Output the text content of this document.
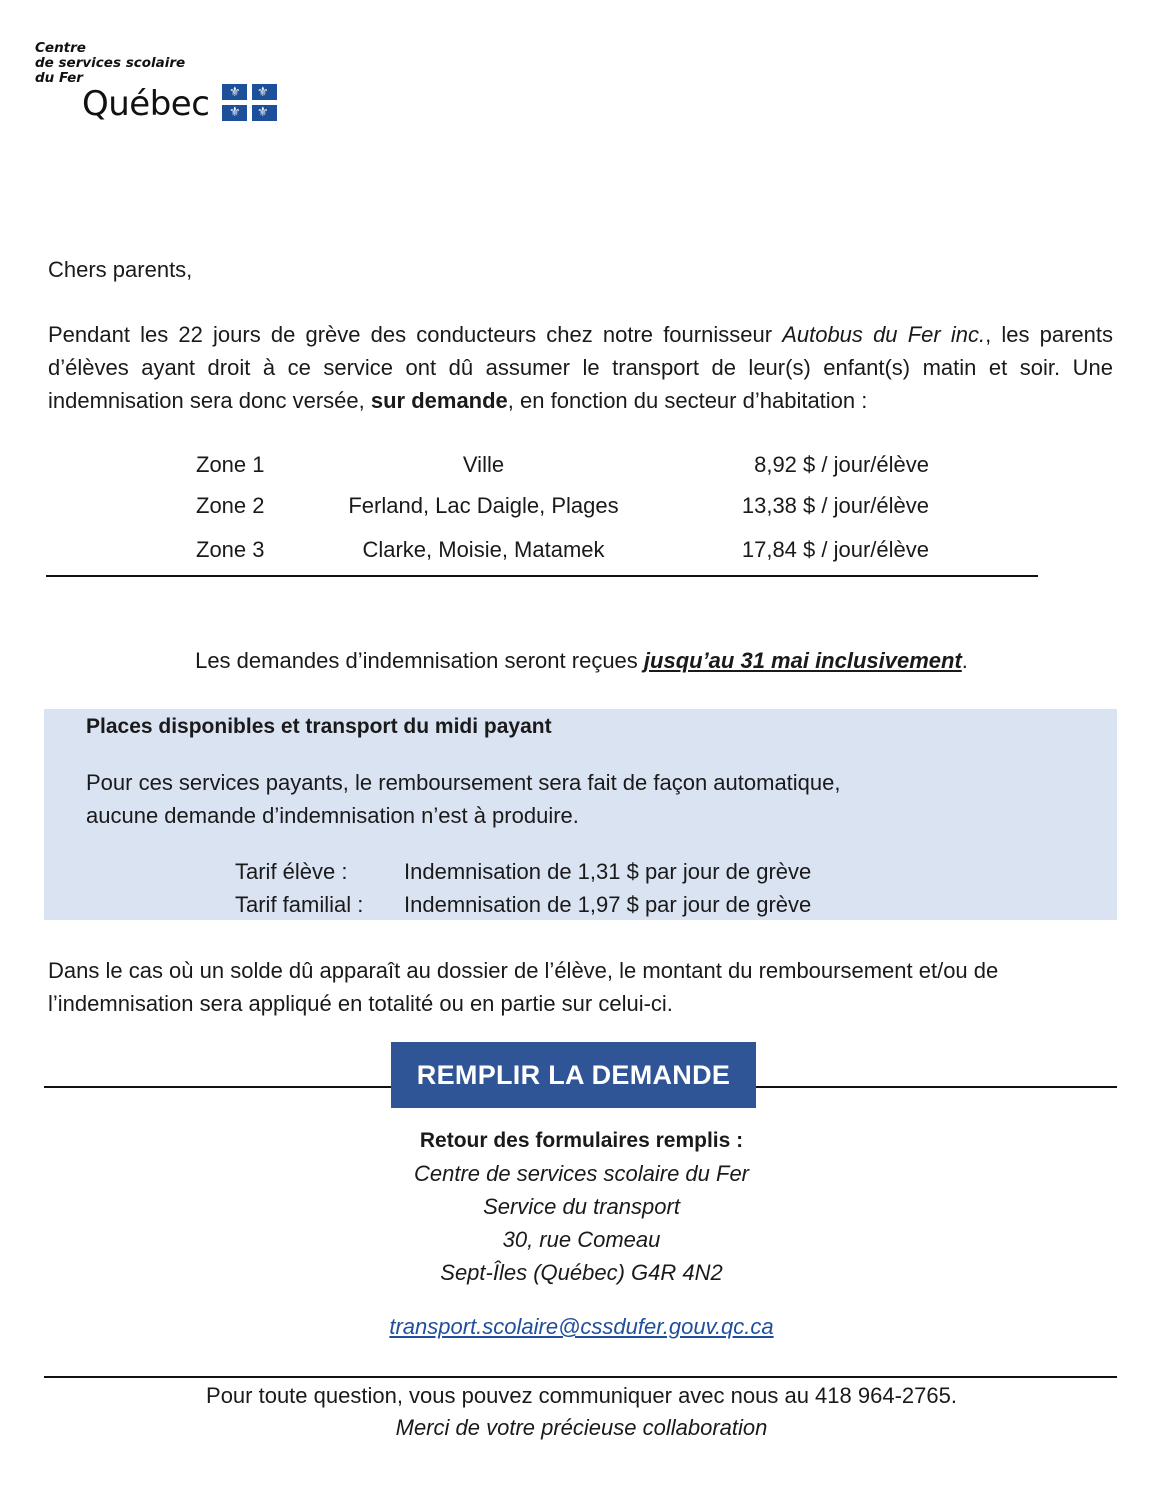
Centre
de services scolaire
du Fer
Québec ⚜ ⚜
⚜ ⚜
Chers parents,
Pendant les 22 jours de grève des conducteurs chez notre fournisseur Autobus du Fer inc., les parents d’élèves ayant droit à ce service ont dû assumer le transport de leur(s) enfant(s) matin et soir. Une indemnisation sera donc versée, sur demande, en fonction du secteur d’habitation :
Zone 1	Ville	8,92 $ / jour/élève
Zone 2	Ferland, Lac Daigle, Plages	13,38 $ / jour/élève
Zone 3	Clarke, Moisie, Matamek	17,84 $ / jour/élève
Les demandes d’indemnisation seront reçues jusqu’au 31 mai inclusivement.
Places disponibles et transport du midi payant
Pour ces services payants, le remboursement sera fait de façon automatique,
aucune demande d’indemnisation n’est à produire.
Tarif élève :	Indemnisation de 1,31 $ par jour de grève
Tarif familial : Indemnisation de 1,97 $ par jour de grève
Dans le cas où un solde dû apparaît au dossier de l’élève, le montant du remboursement et/ou de l’indemnisation sera appliqué en totalité ou en partie sur celui-ci.
REMPLIR LA DEMANDE
Retour des formulaires remplis :
Centre de services scolaire du Fer
Service du transport
30, rue Comeau
Sept-Îles (Québec) G4R 4N2
transport.scolaire@cssdufer.gouv.qc.ca
Pour toute question, vous pouvez communiquer avec nous au 418 964-2765.
Merci de votre précieuse collaboration
